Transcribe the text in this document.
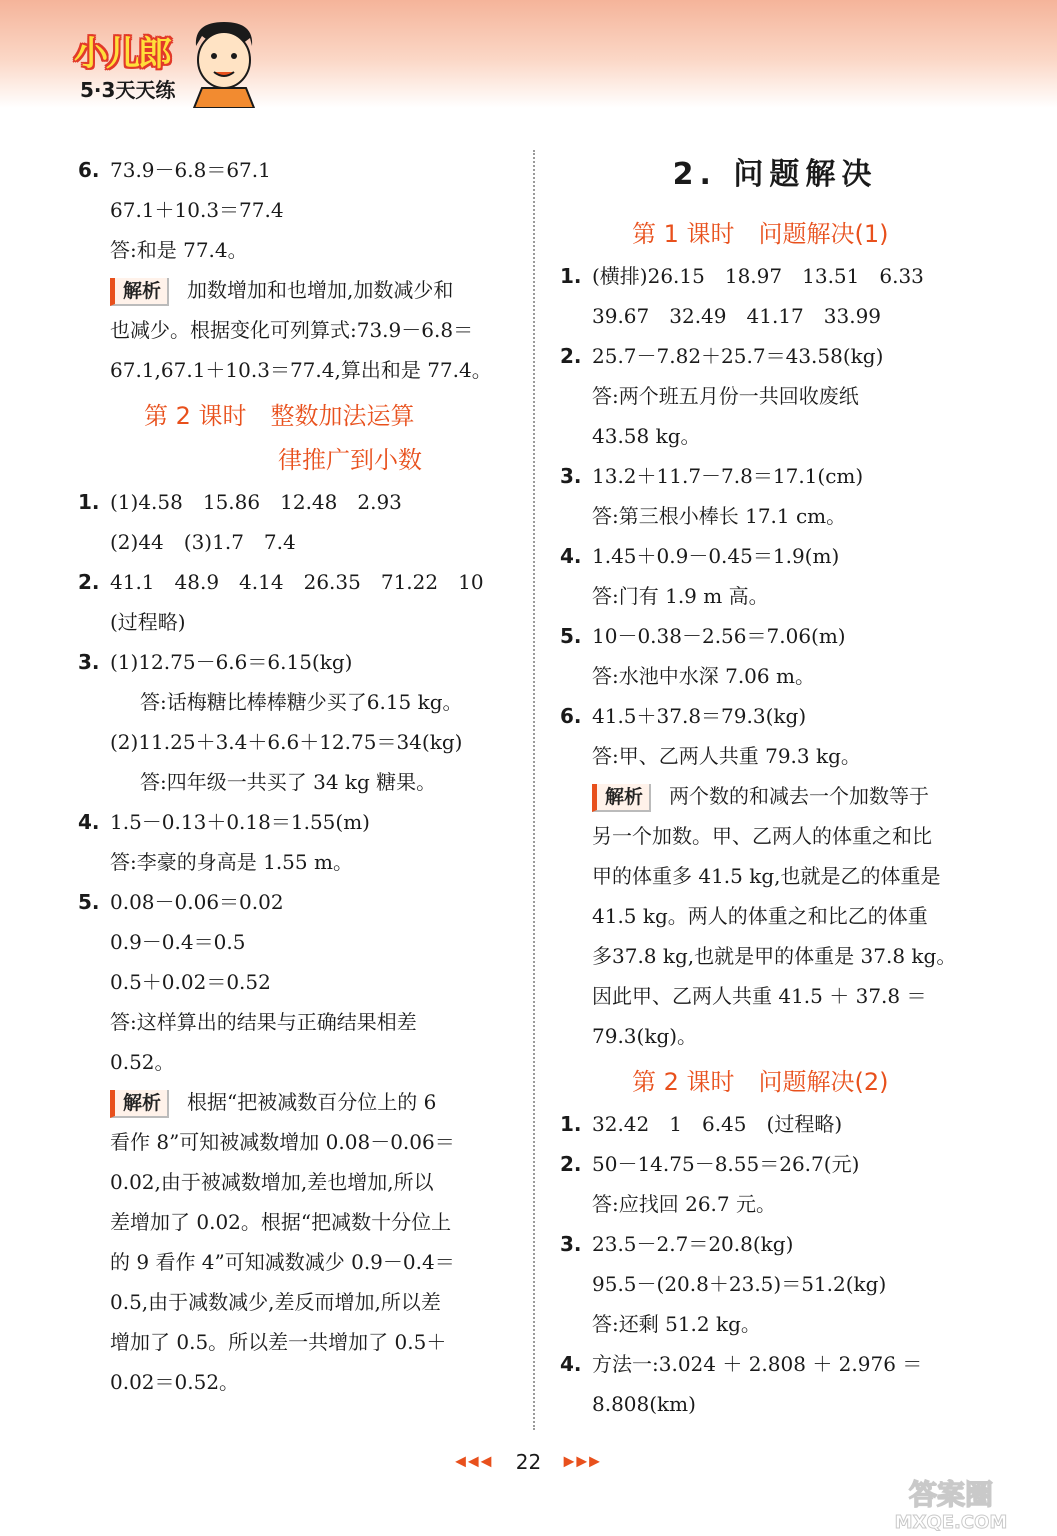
小儿郎
5·3天天练
6. 73.9－6.8＝67.1
67.1＋10.3＝77.4
答:和是 77.4。
解析 加数增加和也增加,加数减少和
也减少。根据变化可列算式:73.9－6.8＝
67.1,67.1＋10.3＝77.4,算出和是 77.4。
第 2 课时　整数加法运算
律推广到小数
1. (1)4.58　15.86　12.48　2.93
(2)44　(3)1.7　7.4
2. 41.1　48.9　4.14　26.35　71.22　10
(过程略)
3. (1)12.75－6.6＝6.15(kg)
答:话梅糖比棒棒糖少买了6.15 kg。
(2)11.25＋3.4＋6.6＋12.75＝34(kg)
答:四年级一共买了 34 kg 糖果。
4. 1.5－0.13＋0.18＝1.55(m)
答:李豪的身高是 1.55 m。
5. 0.08－0.06＝0.02
0.9－0.4＝0.5
0.5＋0.02＝0.52
答:这样算出的结果与正确结果相差
0.52。
解析 根据“把被减数百分位上的 6
看作 8”可知被减数增加 0.08－0.06＝
0.02,由于被减数增加,差也增加,所以
差增加了 0.02。根据“把减数十分位上
的 9 看作 4”可知减数减少 0.9－0.4＝
0.5,由于减数减少,差反而增加,所以差
增加了 0.5。所以差一共增加了 0.5＋
0.02＝0.52。
2. 问题解决
第 1 课时　问题解决(1)
1. (横排)26.15　18.97　13.51　6.33
39.67　32.49　41.17　33.99
2. 25.7－7.82＋25.7＝43.58(kg)
答:两个班五月份一共回收废纸
43.58 kg。
3. 13.2＋11.7－7.8＝17.1(cm)
答:第三根小棒长 17.1 cm。
4. 1.45＋0.9－0.45＝1.9(m)
答:门有 1.9 m 高。
5. 10－0.38－2.56＝7.06(m)
答:水池中水深 7.06 m。
6. 41.5＋37.8＝79.3(kg)
答:甲、乙两人共重 79.3 kg。
解析 两个数的和减去一个加数等于
另一个加数。甲、乙两人的体重之和比
甲的体重多 41.5 kg,也就是乙的体重是
41.5 kg。两人的体重之和比乙的体重
多37.8 kg,也就是甲的体重是 37.8 kg。
因此甲、乙两人共重 41.5 ＋ 37.8 ＝
79.3(kg)。
第 2 课时　问题解决(2)
1. 32.42　1　6.45　(过程略)
2. 50－14.75－8.55＝26.7(元)
答:应找回 26.7 元。
3. 23.5－2.7＝20.8(kg)
95.5－(20.8＋23.5)＝51.2(kg)
答:还剩 51.2 kg。
4. 方法一:3.024 ＋ 2.808 ＋ 2.976 ＝
8.808(km)
◀◀◀ 22 ▶▶▶
答案圈
MXQE.COM
